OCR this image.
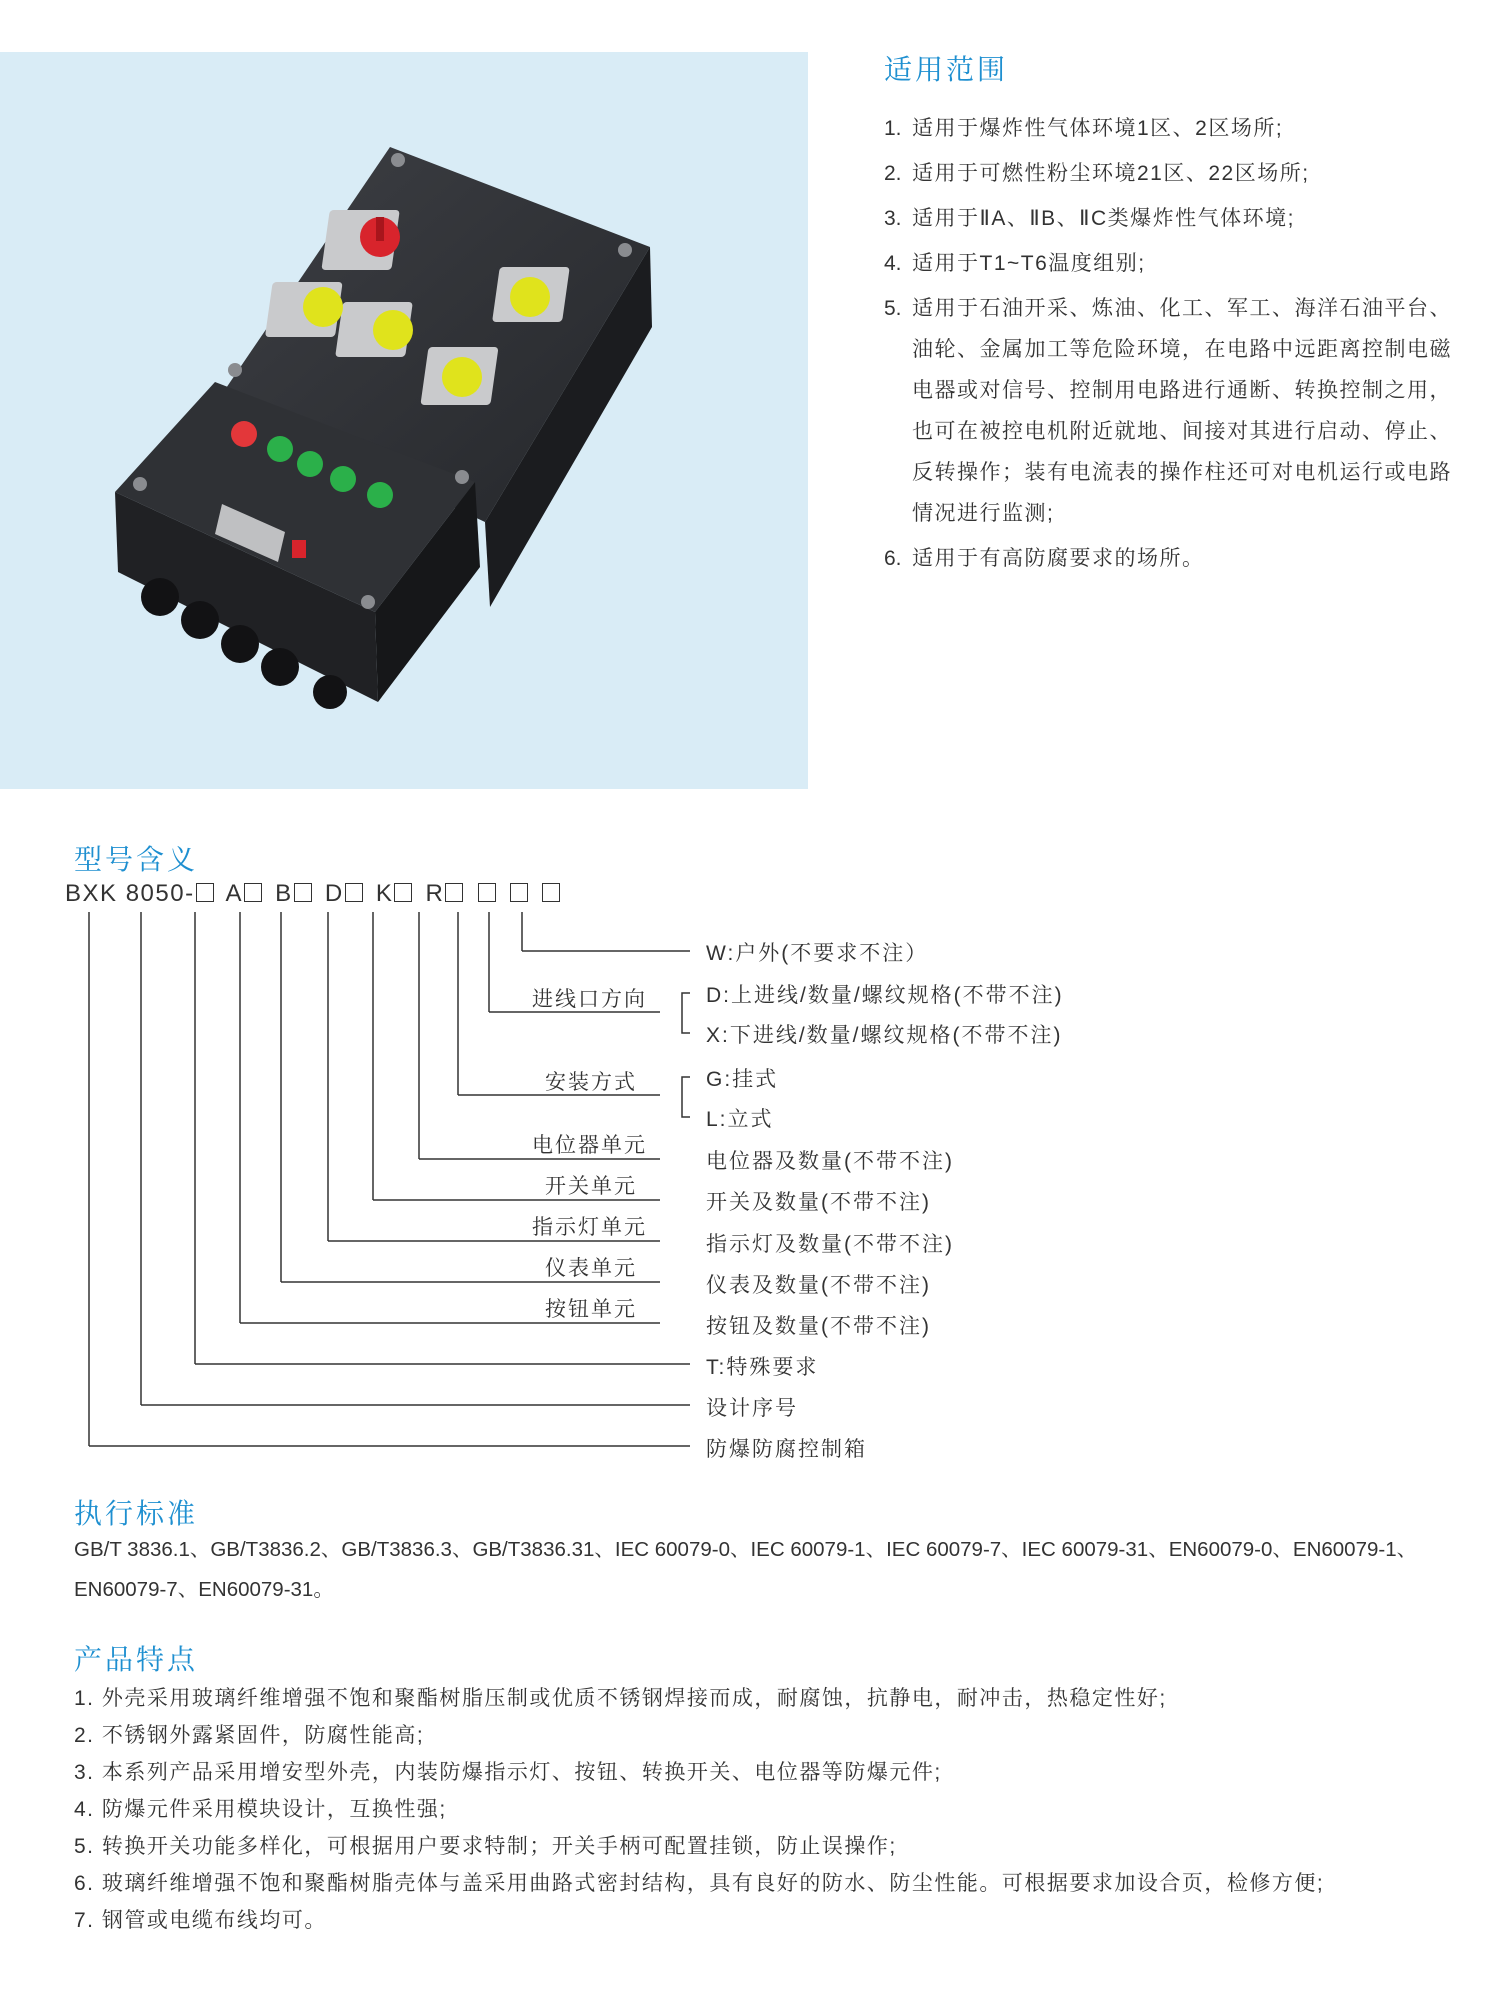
适用范围
1. 适用于爆炸性气体环境1区、2区场所;
2. 适用于可燃性粉尘环境21区、22区场所;
3. 适用于ⅡA、ⅡB、ⅡC类爆炸性气体环境;
4. 适用于T1~T6温度组别;
5. 适用于石油开采、炼油、化工、军工、海洋石油平台、油轮、金属加工等危险环境，在电路中远距离控制电磁电器或对信号、控制用电路进行通断、转换控制之用，也可在被控电机附近就地、间接对其进行启动、停止、反转操作；装有电流表的操作柱还可对电机运行或电路情况进行监测;
6. 适用于有高防腐要求的场所。
型号含义
BXK 8050- A B D K R
进线口方向
安装方式
电位器单元
开关单元
指示灯单元
仪表单元
按钮单元
W:户外(不要求不注）
D:上进线/数量/螺纹规格(不带不注)
X:下进线/数量/螺纹规格(不带不注)
G:挂式
L:立式
电位器及数量(不带不注)
开关及数量(不带不注)
指示灯及数量(不带不注)
仪表及数量(不带不注)
按钮及数量(不带不注)
T:特殊要求
设计序号
防爆防腐控制箱
执行标准
GB/T 3836.1、GB/T3836.2、GB/T3836.3、GB/T3836.31、IEC 60079-0、IEC 60079-1、IEC 60079-7、IEC 60079-31、EN60079-0、EN60079-1、EN60079-7、EN60079-31。
产品特点
1. 外壳采用玻璃纤维增强不饱和聚酯树脂压制或优质不锈钢焊接而成，耐腐蚀，抗静电，耐冲击，热稳定性好;
2. 不锈钢外露紧固件，防腐性能高;
3. 本系列产品采用增安型外壳，内装防爆指示灯、按钮、转换开关、电位器等防爆元件;
4. 防爆元件采用模块设计，互换性强;
5. 转换开关功能多样化，可根据用户要求特制；开关手柄可配置挂锁，防止误操作;
6. 玻璃纤维增强不饱和聚酯树脂壳体与盖采用曲路式密封结构，具有良好的防水、防尘性能。可根据要求加设合页，检修方便;
7. 钢管或电缆布线均可。
